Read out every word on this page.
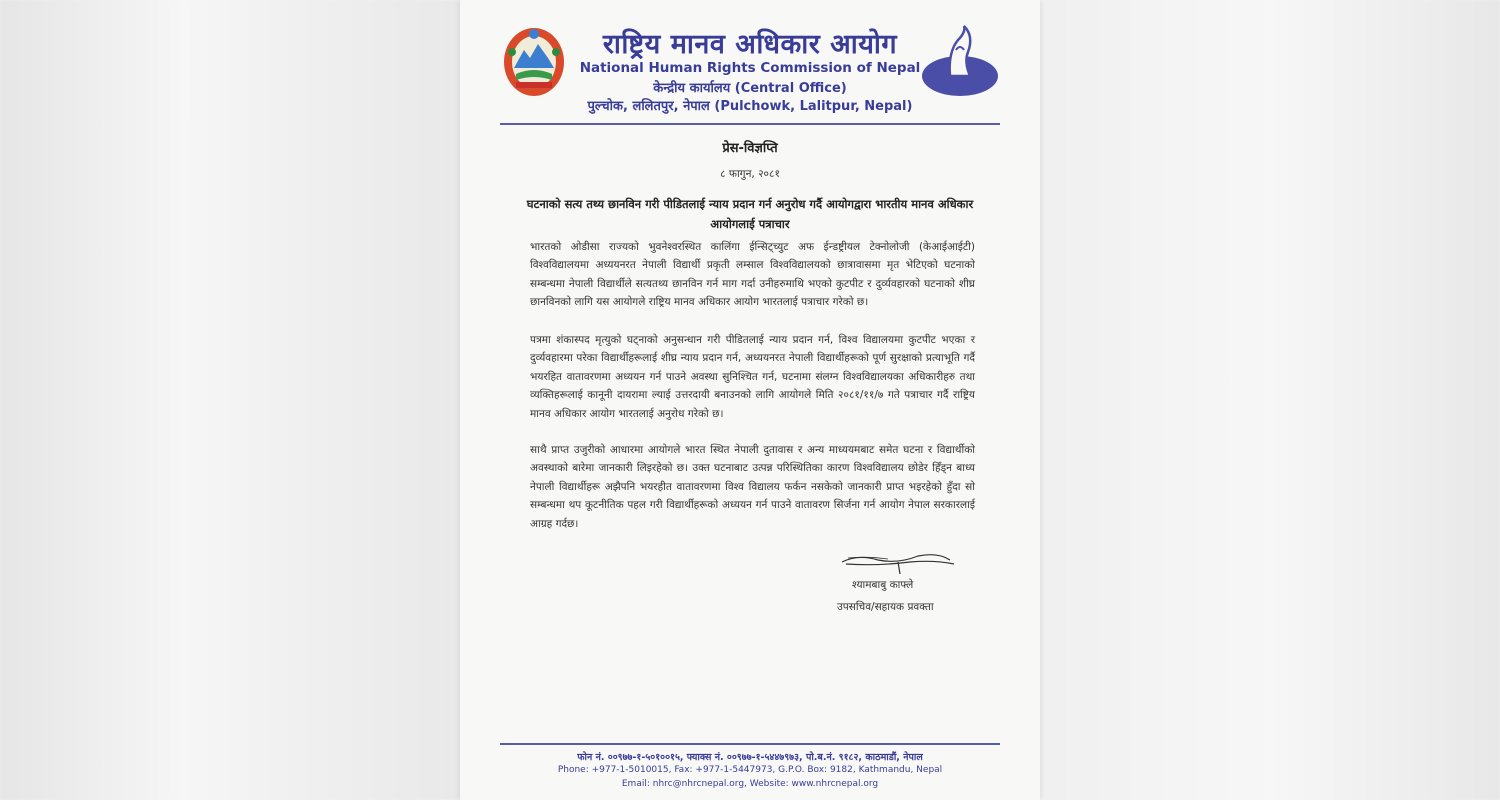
राष्ट्रिय मानव अधिकार आयोग
National Human Rights Commission of Nepal
केन्द्रीय कार्यालय (Central Office)
पुल्चोक, ललितपुर, नेपाल (Pulchowk, Lalitpur, Nepal)
प्रेस-विज्ञप्ति
८ फागुन, २०८१
घटनाको सत्य तथ्य छानविन गरी पीडितलाई न्याय प्रदान गर्न अनुरोध गर्दै आयोगद्वारा भारतीय मानव अधिकार आयोगलाई पत्राचार
भारतको ओडीसा राज्यको भुवनेश्वरस्थित कालिंगा ईन्सिट्च्युट अफ ईन्डष्ट्रीयल टेक्नोलोजी (केआईआईटी) विश्वविद्यालयमा अध्ययनरत नेपाली विद्यार्थी प्रकृती लम्साल विश्वविद्यालयको छात्रावासमा मृत भेटिएको घटनाको सम्बन्धमा नेपाली विद्यार्थीले सत्यतथ्य छानविन गर्न माग गर्दा उनीहरुमाथि भएको कुटपीट र दुर्व्यवहारको घटनाको शीघ्र छानविनको लागि यस आयोगले राष्ट्रिय मानव अधिकार आयोग भारतलाई पत्राचार गरेको छ।
पत्रमा शंकास्पद मृत्युको घट्नाको अनुसन्धान गरी पीडितलाई न्याय प्रदान गर्न, विश्व विद्यालयमा कुटपीट भएका र दुर्व्यवहारमा परेका विद्यार्थीहरूलाई शीघ्र न्याय प्रदान गर्न, अध्ययनरत नेपाली विद्यार्थीहरूको पूर्ण सुरक्षाको प्रत्याभूति गर्दै भयरहित वातावरणमा अध्ययन गर्न पाउने अवस्था सुनिश्चित गर्न, घटनामा संलग्न विश्वविद्यालयका अधिकारीहरु तथा व्यक्तिहरूलाई कानूनी दायरामा ल्याई उत्तरदायी बनाउनको लागि आयोगले मिति २०८१/११/७ गते पत्राचार गर्दै राष्ट्रिय मानव अधिकार आयोग भारतलाई अनुरोध गरेको छ।
साथै प्राप्त उजुरीको आधारमा आयोगले भारत स्थित नेपाली दुतावास र अन्य माध्ययमबाट समेत घटना र विद्यार्थीको अवस्थाको बारेमा जानकारी लिइरहेको छ। उक्त घटनाबाट उत्पन्न परिस्थितिका कारण विश्वविद्यालय छोडेर हिँड्न बाध्य नेपाली विद्यार्थीहरू अझैपनि भयरहीत वातावरणमा विश्व विद्यालय फर्कन नसकेको जानकारी प्राप्त भइरहेको हुँदा सो सम्बन्धमा थप कूटनीतिक पहल गरी विद्यार्थीहरूको अध्ययन गर्न पाउने वातावरण सिर्जना गर्न आयोग नेपाल सरकारलाई आग्रह गर्दछ।
श्यामबाबु काफ्ले
उपसचिव/सहायक प्रवक्ता
फोन नं. ००९७७-१-५०१००१५, फ्याक्स नं. ००९७७-१-५४४७९७३, पो.ब.नं. ९१८२, काठमाडौं, नेपाल
Phone: +977-1-5010015, Fax: +977-1-5447973, G.P.O. Box: 9182, Kathmandu, Nepal
Email: nhrc@nhrcnepal.org, Website: www.nhrcnepal.org
